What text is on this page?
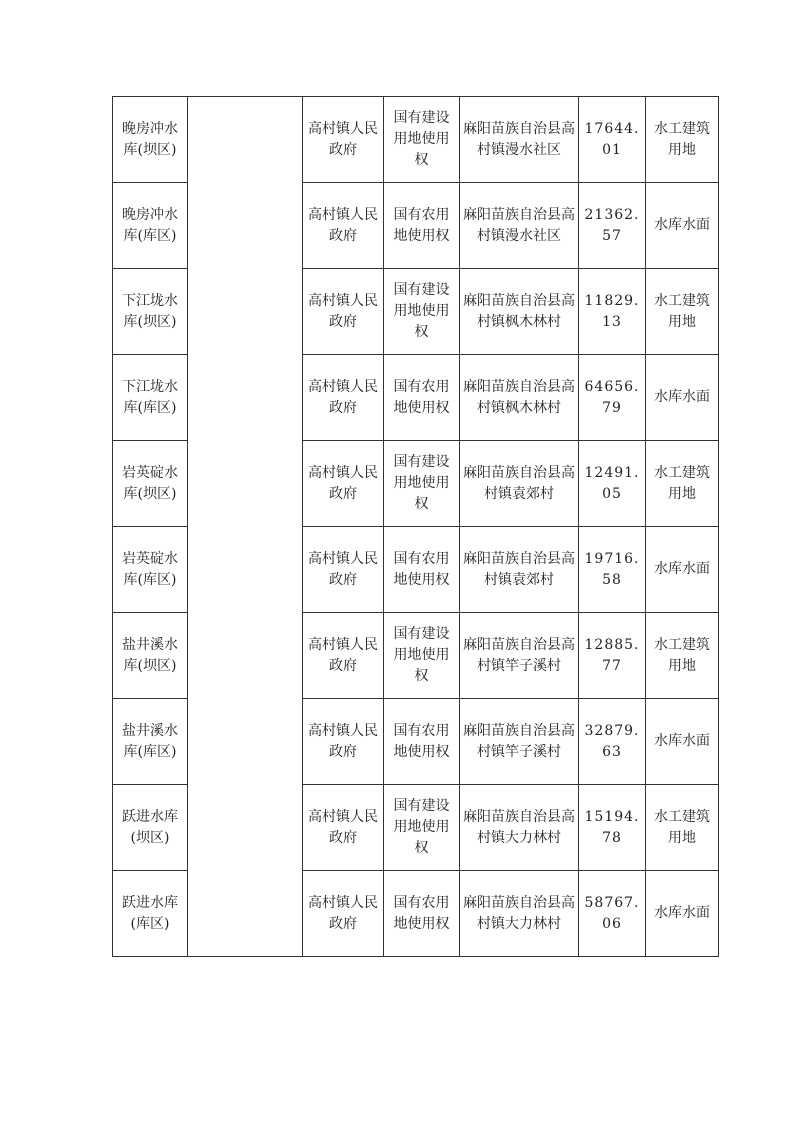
晚房冲水库(坝区)		高村镇人民政府	国有建设用地使用权	麻阳苗族自治县高村镇漫水社区	17644.01	水工建筑用地
晚房冲水库(库区)		高村镇人民政府	国有农用地使用权	麻阳苗族自治县高村镇漫水社区	21362.57	水库水面
下江垅水库(坝区)		高村镇人民政府	国有建设用地使用权	麻阳苗族自治县高村镇枫木林村	11829.13	水工建筑用地
下江垅水库(库区)		高村镇人民政府	国有农用地使用权	麻阳苗族自治县高村镇枫木林村	64656.79	水库水面
岩英碇水库(坝区)		高村镇人民政府	国有建设用地使用权	麻阳苗族自治县高村镇袁郊村	12491.05	水工建筑用地
岩英碇水库(库区)		高村镇人民政府	国有农用地使用权	麻阳苗族自治县高村镇袁郊村	19716.58	水库水面
盐井溪水库(坝区)		高村镇人民政府	国有建设用地使用权	麻阳苗族自治县高村镇竿子溪村	12885.77	水工建筑用地
盐井溪水库(库区)		高村镇人民政府	国有农用地使用权	麻阳苗族自治县高村镇竿子溪村	32879.63	水库水面
跃进水库(坝区)		高村镇人民政府	国有建设用地使用权	麻阳苗族自治县高村镇大力林村	15194.78	水工建筑用地
跃进水库(库区)		高村镇人民政府	国有农用地使用权	麻阳苗族自治县高村镇大力林村	58767.06	水库水面
